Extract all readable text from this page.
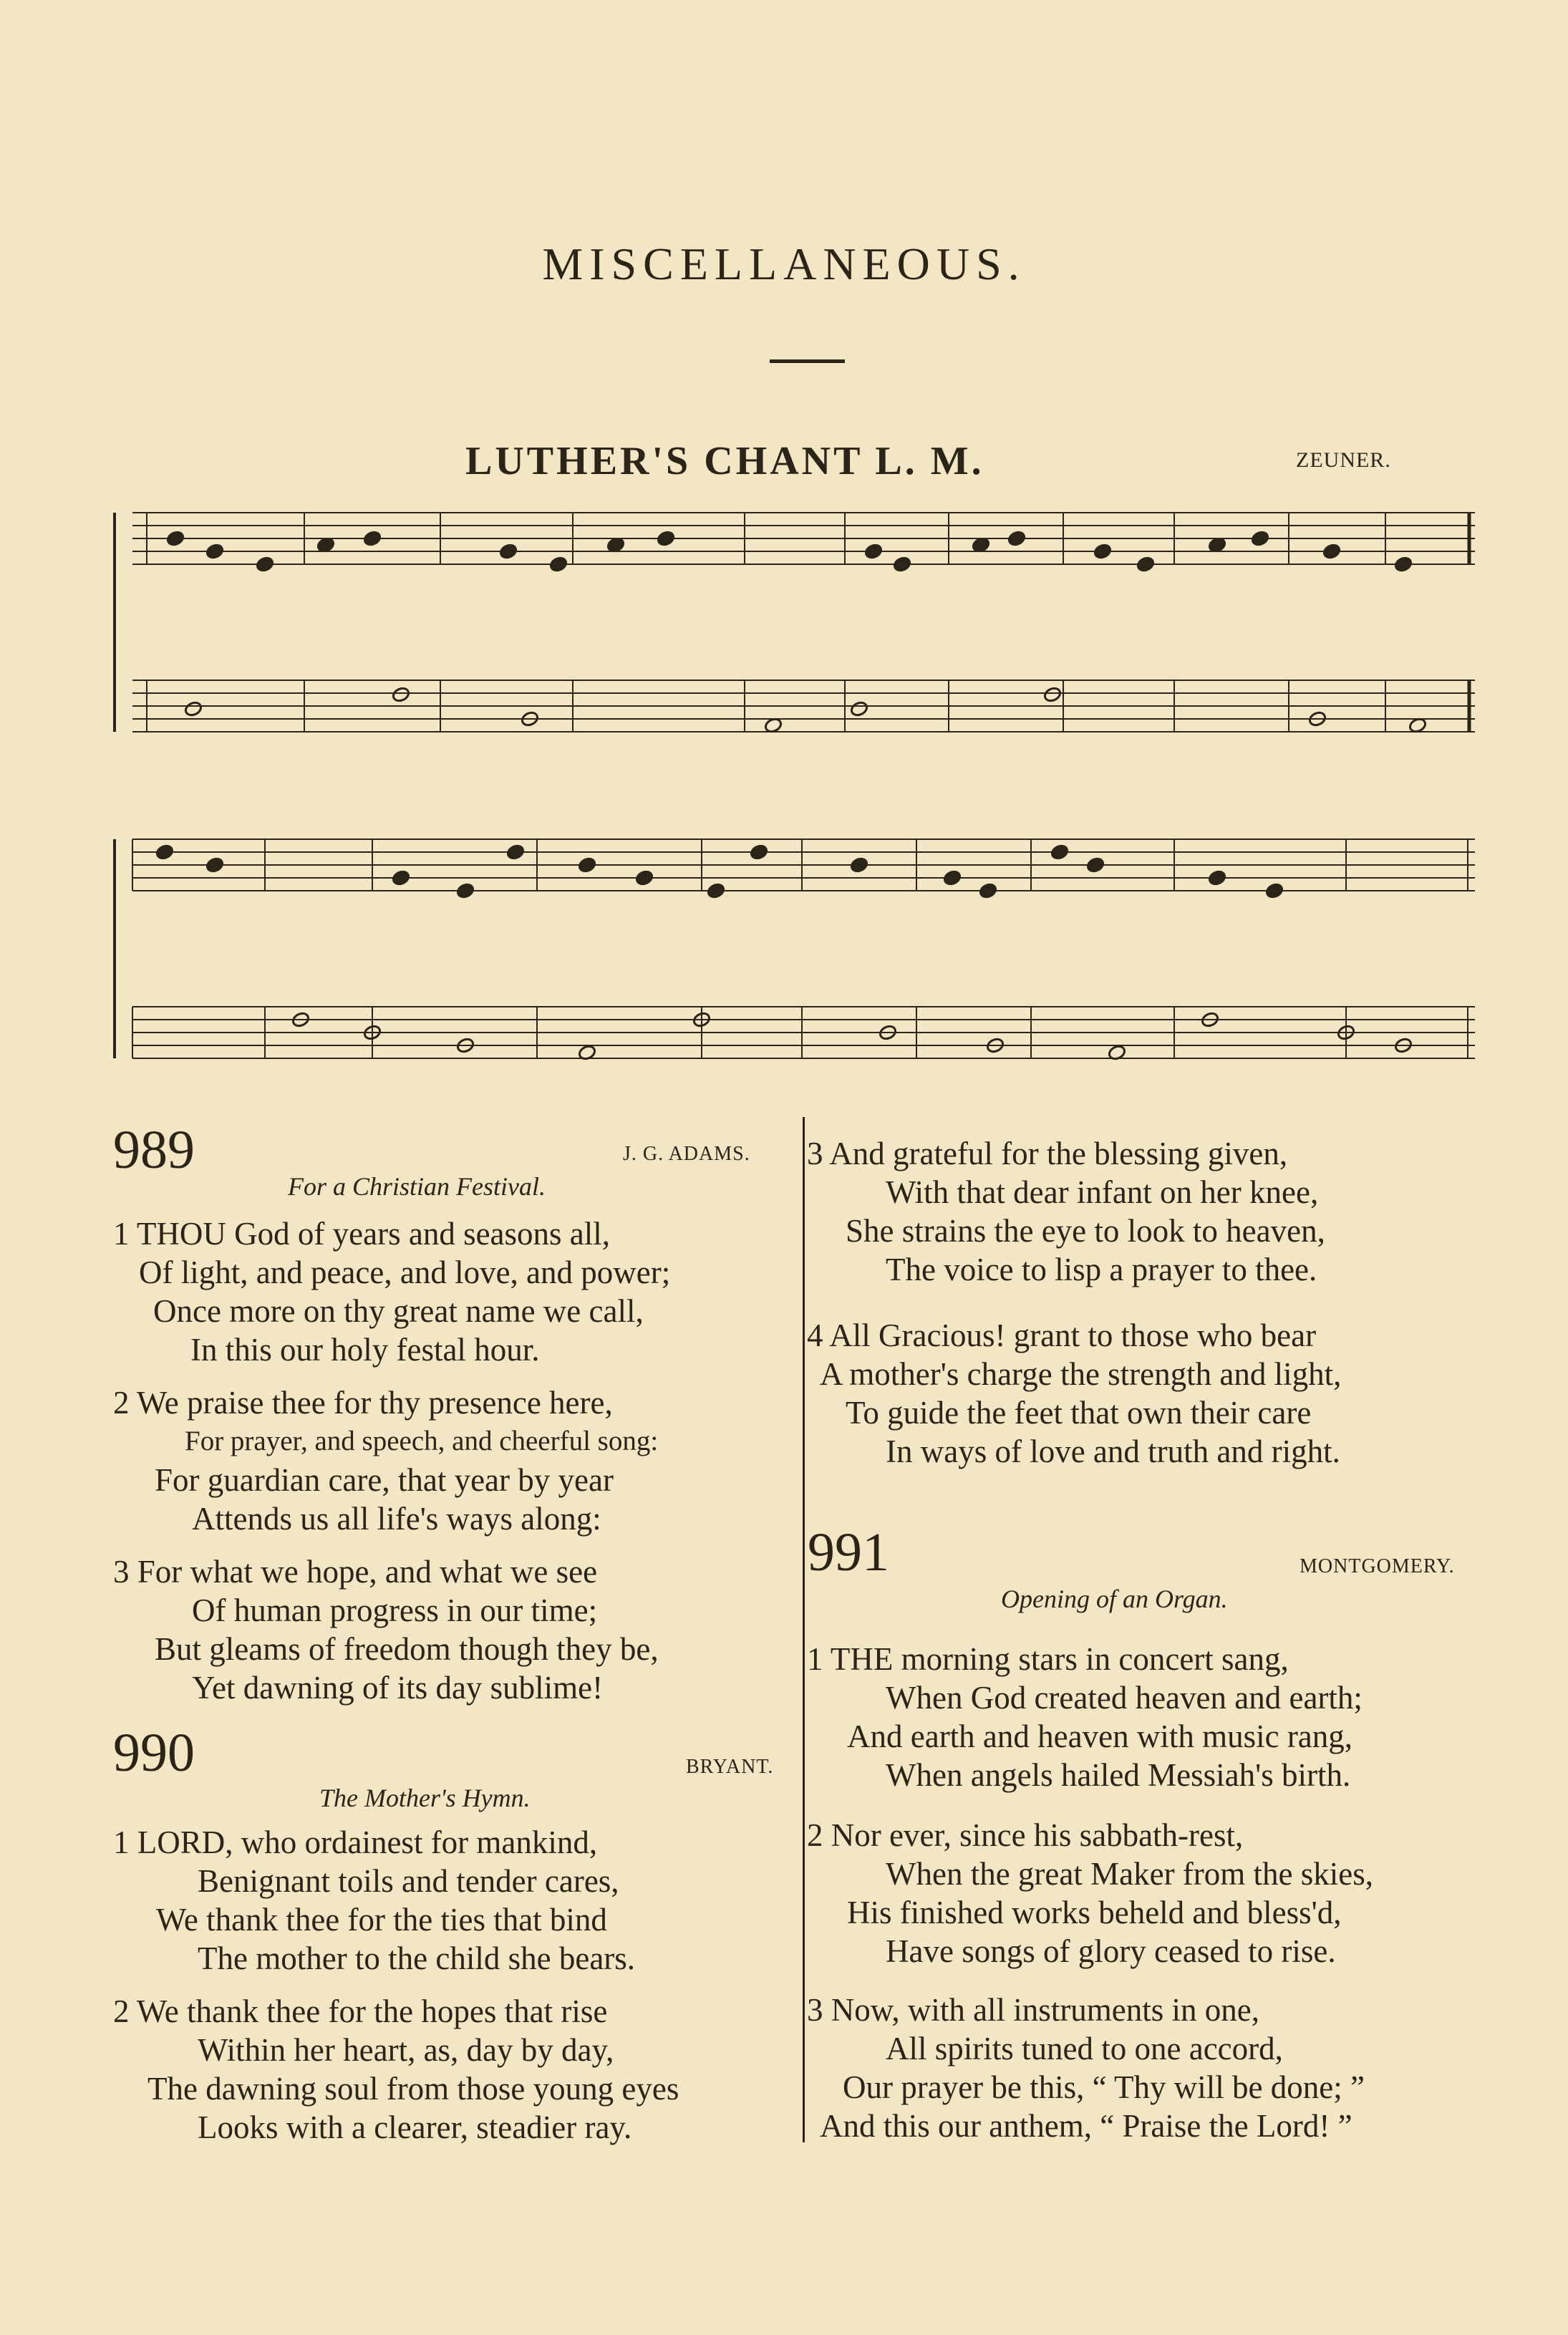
MISCELLANEOUS.
LUTHER'S CHANT L. M.	ZEUNER.
989	J. G. ADAMS.
For a Christian Festival.
1 THOU God of years and seasons all,
Of light, and peace, and love, and power;
Once more on thy great name we call,
In this our holy festal hour.
2 We praise thee for thy presence here,
For prayer, and speech, and cheerful song:
For guardian care, that year by year
Attends us all life's ways along:
3 For what we hope, and what we see
Of human progress in our time;
But gleams of freedom though they be,
Yet dawning of its day sublime!
990	BRYANT.
The Mother's Hymn.
1 LORD, who ordainest for mankind,
Benignant toils and tender cares,
We thank thee for the ties that bind
The mother to the child she bears.
2 We thank thee for the hopes that rise
Within her heart, as, day by day,
The dawning soul from those young eyes
Looks with a clearer, steadier ray.
3 And grateful for the blessing given,
With that dear infant on her knee,
She strains the eye to look to heaven,
The voice to lisp a prayer to thee.
4 All Gracious! grant to those who bear
A mother's charge the strength and light,
To guide the feet that own their care
In ways of love and truth and right.
991	MONTGOMERY.
Opening of an Organ.
1 THE morning stars in concert sang,
When God created heaven and earth;
And earth and heaven with music rang,
When angels hailed Messiah's birth.
2 Nor ever, since his sabbath-rest,
When the great Maker from the skies,
His finished works beheld and bless'd,
Have songs of glory ceased to rise.
3 Now, with all instruments in one,
All spirits tuned to one accord,
Our prayer be this, “ Thy will be done; ”
And this our anthem, “ Praise the Lord! ”
